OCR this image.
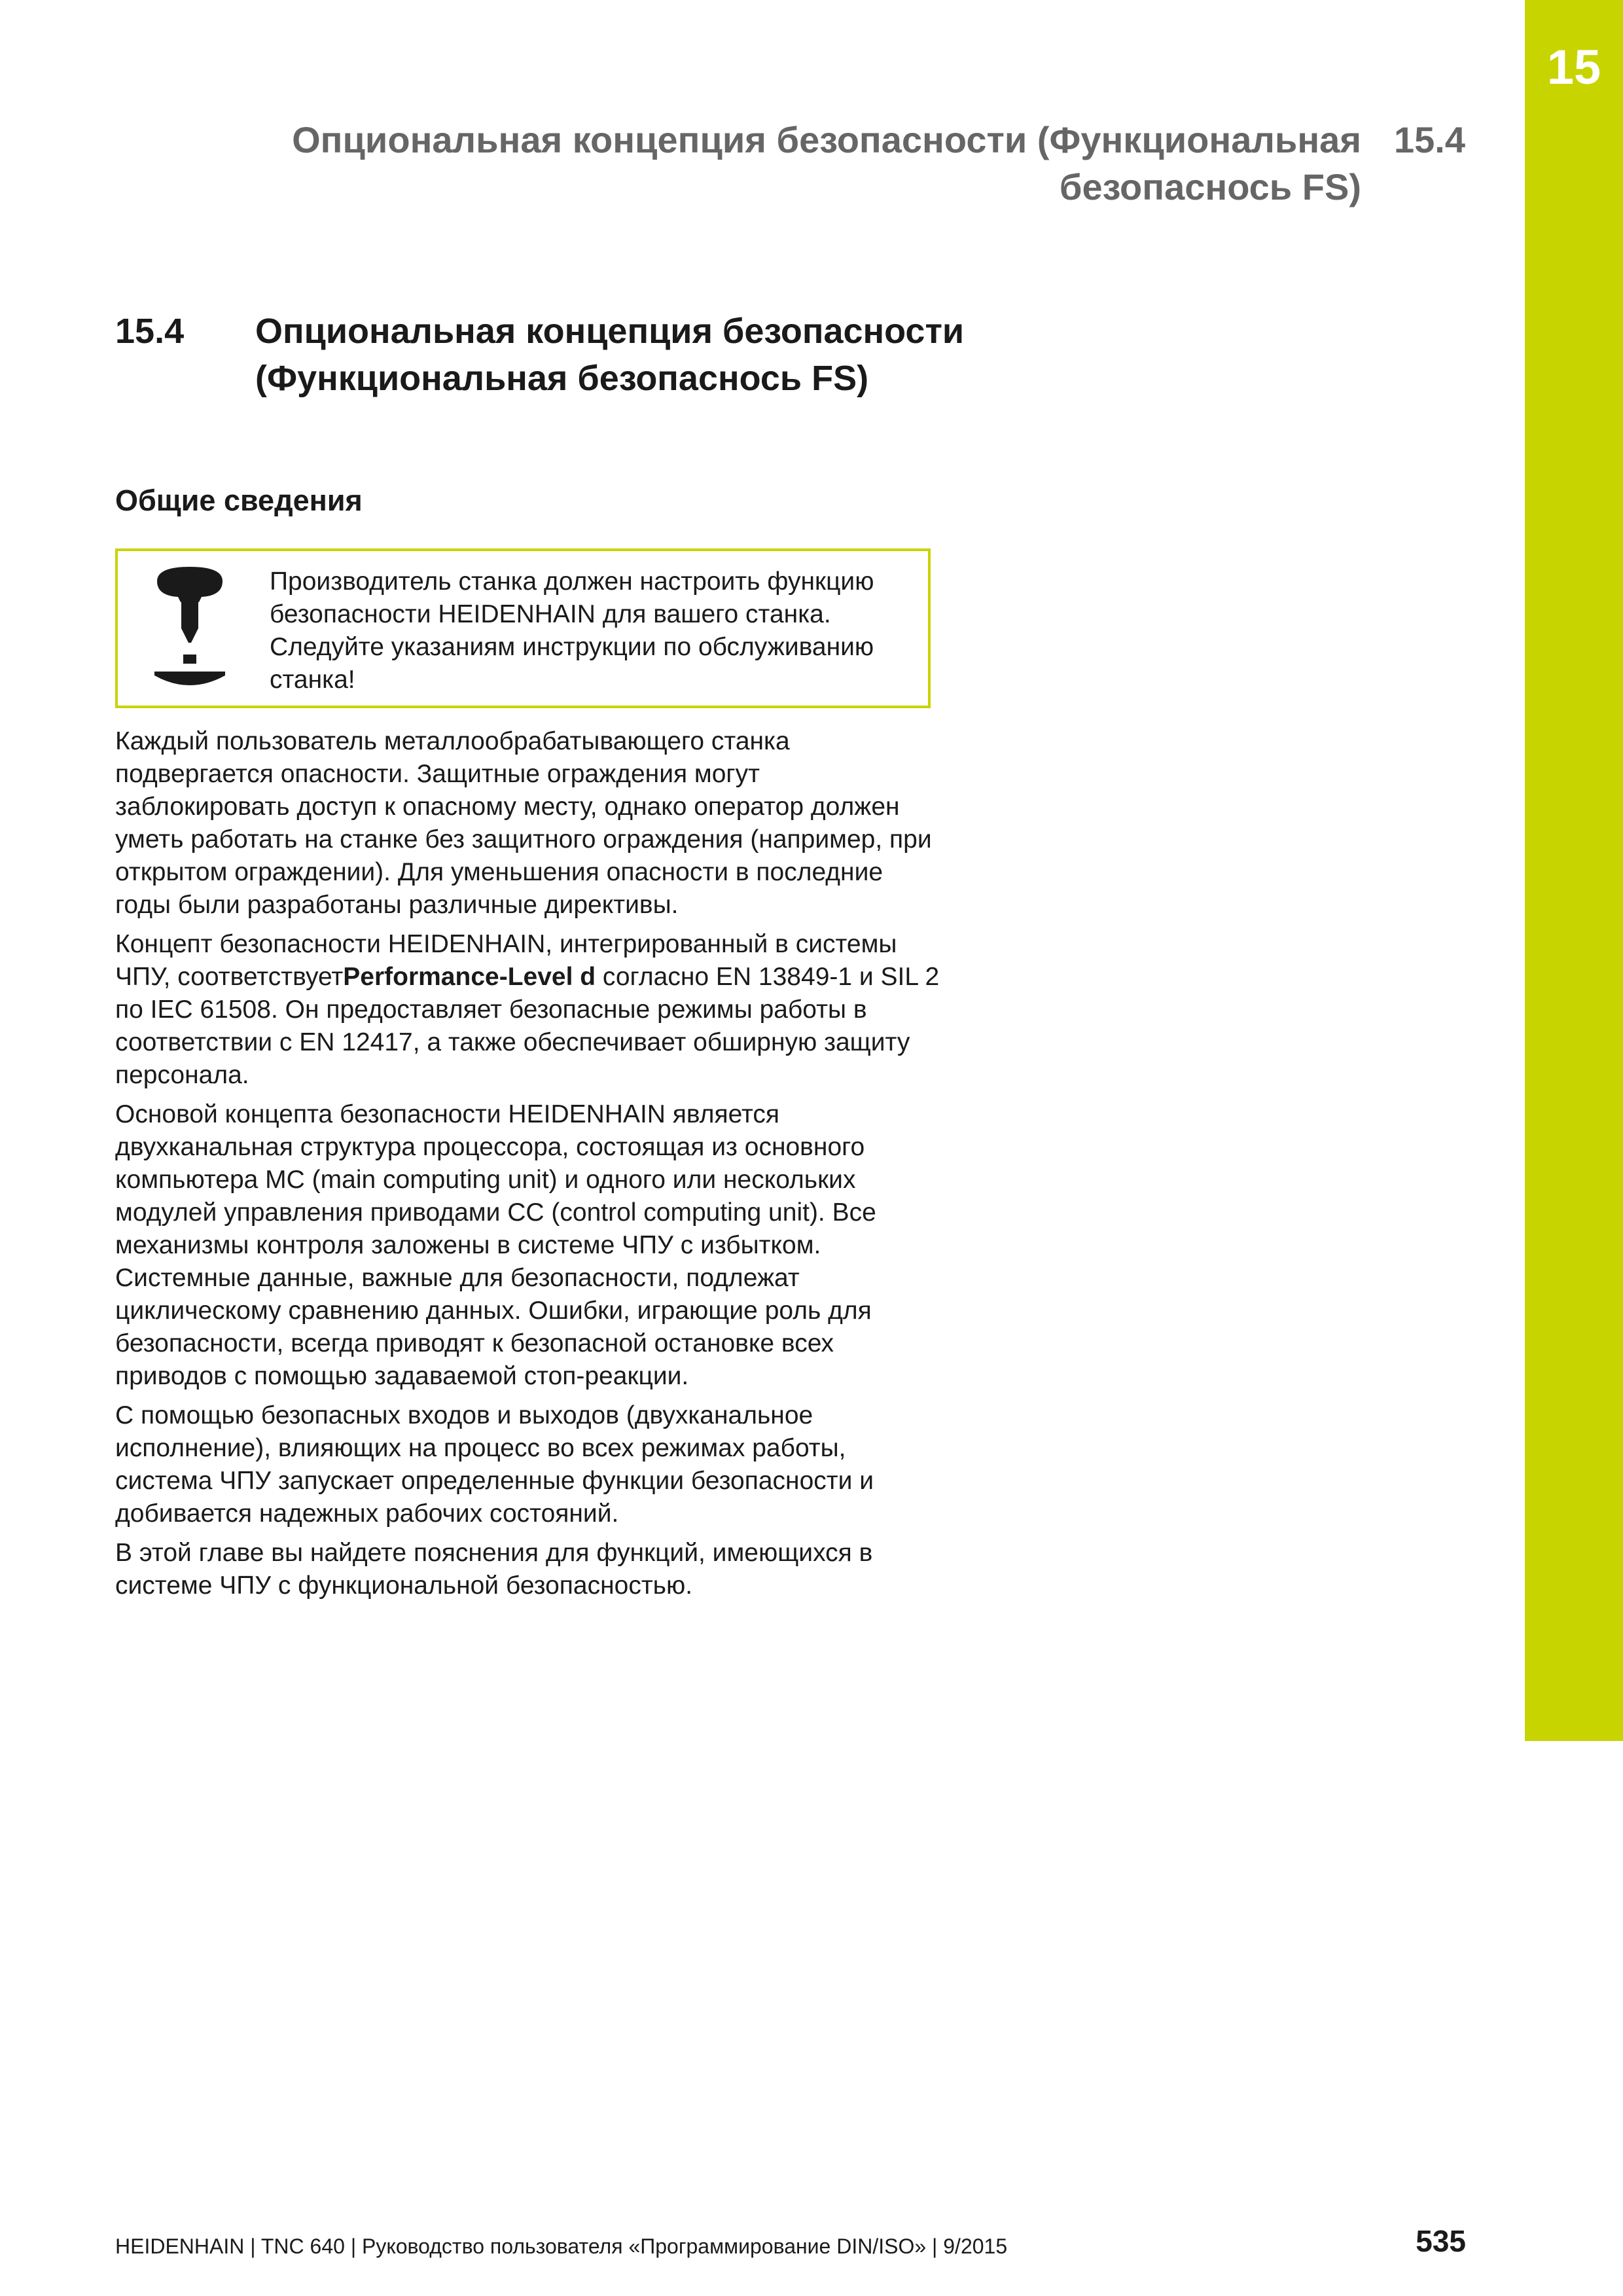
15
Опциональная концепция безопасности (Функциональная безопаснось FS)
15.4
15.4 Опциональная концепция безопасности (Функциональная безопаснось FS)
Общие сведения
Производитель станка должен настроить функцию безопасности HEIDENHAIN для вашего станка. Следуйте указаниям инструкции по обслуживанию станка!

Каждый пользователь металлообрабатывающего станка подвергается опасности. Защитные ограждения могут заблокировать доступ к опасному месту, однако оператор должен уметь работать на станке без защитного ограждения (например, при открытом ограждении). Для уменьшения опасности в последние годы были разработаны различные директивы.

Концепт безопасности HEIDENHAIN, интегрированный в системы ЧПУ, соответствуетPerformance-Level d согласно EN 13849-1 и SIL 2 по IEC 61508. Он предоставляет безопасные режимы работы в соответствии с EN 12417, а также обеспечивает обширную защиту персонала.

Основой концепта безопасности HEIDENHAIN является двухканальная структура процессора, состоящая из основного компьютера MC (main computing unit) и одного или нескольких модулей управления приводами CC (control computing unit). Все механизмы контроля заложены в системе ЧПУ с избытком. Системные данные, важные для безопасности, подлежат циклическому сравнению данных. Ошибки, играющие роль для безопасности, всегда приводят к безопасной остановке всех приводов с помощью задаваемой стоп-реакции.

С помощью безопасных входов и выходов (двухканальное исполнение), влияющих на процесс во всех режимах работы, система ЧПУ запускает определенные функции безопасности и добивается надежных рабочих состояний.

В этой главе вы найдете пояснения для функций, имеющихся в системе ЧПУ с функциональной безопасностью.

HEIDENHAIN | TNC 640 | Руководство пользователя «Программирование DIN/ISO» | 9/2015	535
